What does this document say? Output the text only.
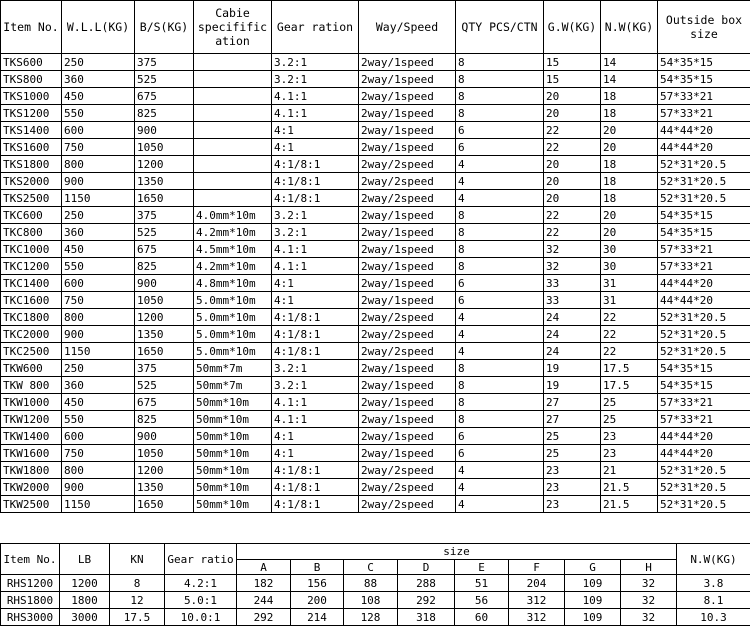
Item No.	W.L.L(KG)	B/S(KG)	Cabie specifific ation	Gear ration	Way/Speed	QTY PCS/CTN	G.W(KG)	N.W(KG)	Outside box size
TKS600	250	375		3.2:1	2way/1speed	8	15	14	54*35*15
TKS800	360	525		3.2:1	2way/1speed	8	15	14	54*35*15
TKS1000	450	675		4.1:1	2way/1speed	8	20	18	57*33*21
TKS1200	550	825		4.1:1	2way/1speed	8	20	18	57*33*21
TKS1400	600	900		4:1	2way/1speed	6	22	20	44*44*20
TKS1600	750	1050		4:1	2way/1speed	6	22	20	44*44*20
TKS1800	800	1200		4:1/8:1	2way/2speed	4	20	18	52*31*20.5
TKS2000	900	1350		4:1/8:1	2way/2speed	4	20	18	52*31*20.5
TKS2500	1150	1650		4:1/8:1	2way/2speed	4	20	18	52*31*20.5
TKC600	250	375	4.0mm*10m	3.2:1	2way/1speed	8	22	20	54*35*15
TKC800	360	525	4.2mm*10m	3.2:1	2way/1speed	8	22	20	54*35*15
TKC1000	450	675	4.5mm*10m	4.1:1	2way/1speed	8	32	30	57*33*21
TKC1200	550	825	4.2mm*10m	4.1:1	2way/1speed	8	32	30	57*33*21
TKC1400	600	900	4.8mm*10m	4:1	2way/1speed	6	33	31	44*44*20
TKC1600	750	1050	5.0mm*10m	4:1	2way/1speed	6	33	31	44*44*20
TKC1800	800	1200	5.0mm*10m	4:1/8:1	2way/2speed	4	24	22	52*31*20.5
TKC2000	900	1350	5.0mm*10m	4:1/8:1	2way/2speed	4	24	22	52*31*20.5
TKC2500	1150	1650	5.0mm*10m	4:1/8:1	2way/2speed	4	24	22	52*31*20.5
TKW600	250	375	50mm*7m	3.2:1	2way/1speed	8	19	17.5	54*35*15
TKW 800	360	525	50mm*7m	3.2:1	2way/1speed	8	19	17.5	54*35*15
TKW1000	450	675	50mm*10m	4.1:1	2way/1speed	8	27	25	57*33*21
TKW1200	550	825	50mm*10m	4.1:1	2way/1speed	8	27	25	57*33*21
TKW1400	600	900	50mm*10m	4:1	2way/1speed	6	25	23	44*44*20
TKW1600	750	1050	50mm*10m	4:1	2way/1speed	6	25	23	44*44*20
TKW1800	800	1200	50mm*10m	4:1/8:1	2way/2speed	4	23	21	52*31*20.5
TKW2000	900	1350	50mm*10m	4:1/8:1	2way/2speed	4	23	21.5	52*31*20.5
TKW2500	1150	1650	50mm*10m	4:1/8:1	2way/2speed	4	23	21.5	52*31*20.5
Item No.	LB	KN	Gear ratio	size								N.W(KG)
				A	B	C	D	E	F	G	H	
RHS1200	1200	8	4.2:1	182	156	88	288	51	204	109	32	3.8
RHS1800	1800	12	5.0:1	244	200	108	292	56	312	109	32	8.1
RHS3000	3000	17.5	10.0:1	292	214	128	318	60	312	109	32	10.3
